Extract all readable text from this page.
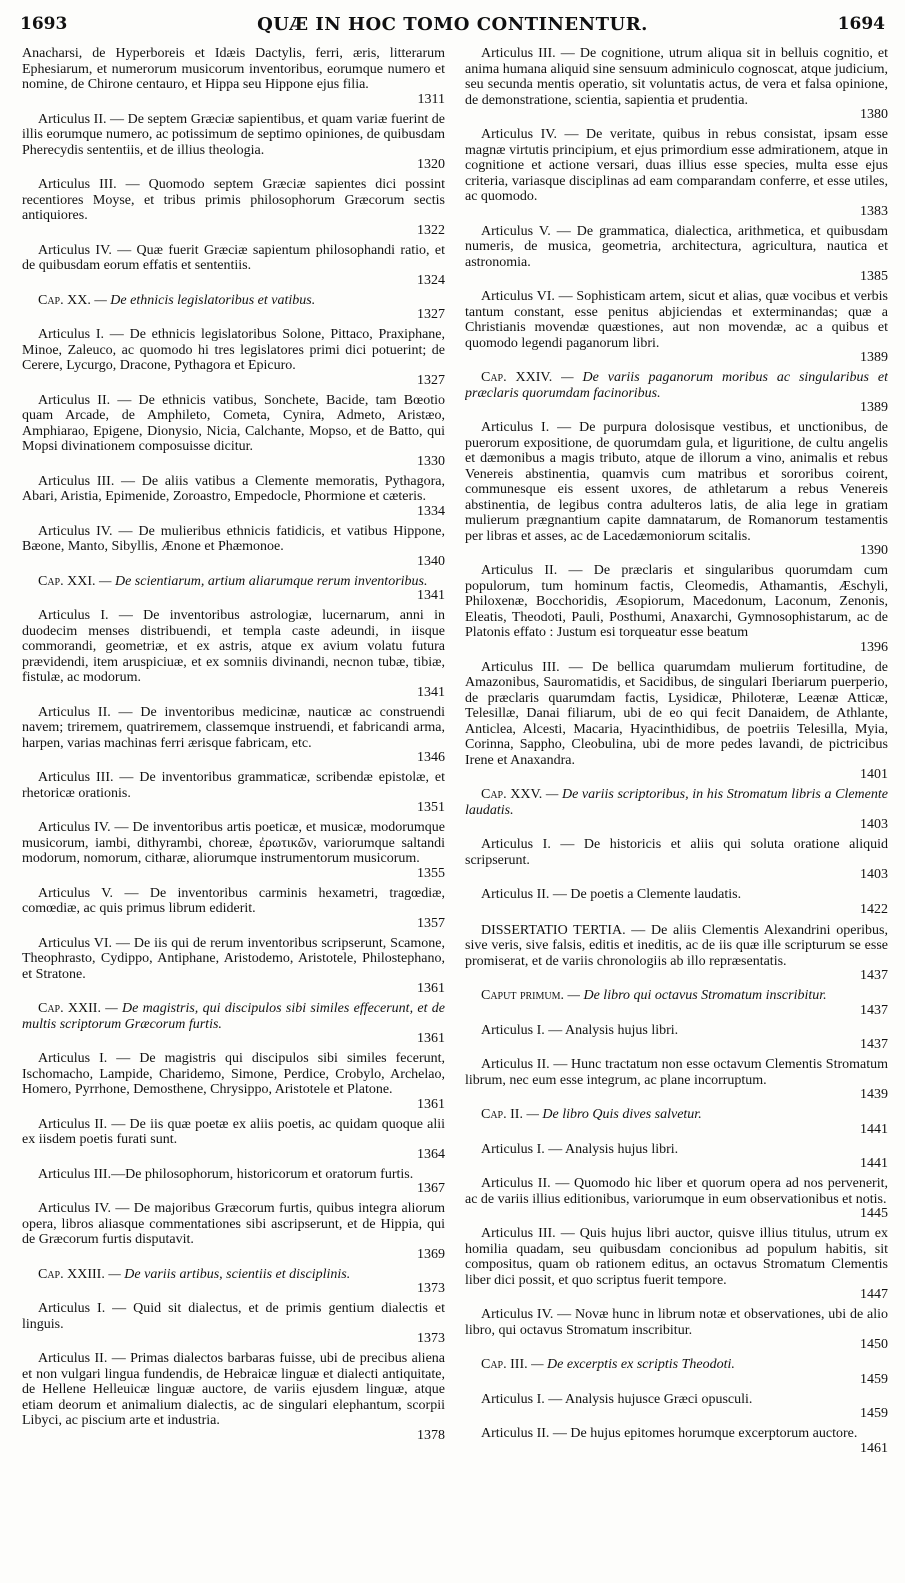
1693	QUÆ IN HOC TOMO CONTINENTUR.	1694
Anacharsi, de Hyperboreis et Idæis Dactylis, ferri, æris, litterarum Ephesiarum, et numerorum musicorum inventoribus, eorumque numero et nomine, de Chirone centauro, et Hippa seu Hippone ejus filia.
1311
Articulus II. — De septem Græciæ sapientibus, et quam variæ fuerint de illis eorumque numero, ac potissimum de septimo opiniones, de quibusdam Pherecydis sententiis, et de illius theologia.
1320
Articulus III. — Quomodo septem Græciæ sapientes dici possint recentiores Moyse, et tribus primis philosophorum Græcorum sectis antiquiores.
1322
Articulus IV. — Quæ fuerit Græciæ sapientum philosophandi ratio, et de quibusdam eorum effatis et sententiis.
1324
Cap. XX. — De ethnicis legislatoribus et vatibus.
1327
Articulus I. — De ethnicis legislatoribus Solone, Pittaco, Praxiphane, Minoe, Zaleuco, ac quomodo hi tres legislatores primi dici potuerint; de Cerere, Lycurgo, Dracone, Pythagora et Epicuro.
1327
Articulus II. — De ethnicis vatibus, Sonchete, Bacide, tam Bœotio quam Arcade, de Amphileto, Cometa, Cynira, Admeto, Aristæo, Amphiarao, Epigene, Dionysio, Nicia, Calchante, Mopso, et de Batto, qui Mopsi divinationem composuisse dicitur.
1330
Articulus III. — De aliis vatibus a Clemente memoratis, Pythagora, Abari, Aristia, Epimenide, Zoroastro, Empedocle, Phormione et cæteris.
1334
Articulus IV. — De mulieribus ethnicis fatidicis, et vatibus Hippone, Bæone, Manto, Sibyllis, Ænone et Phæmonoe.
1340
Cap. XXI. — De scientiarum, artium aliarumque rerum inventoribus.
1341
Articulus I. — De inventoribus astrologiæ, lucernarum, anni in duodecim menses distribuendi, et templa caste adeundi, in iisque commorandi, geometriæ, et ex astris, atque ex avium volatu futura prævidendi, item aruspiciuæ, et ex somniis divinandi, necnon tubæ, tibiæ, fistulæ, ac modorum.
1341
Articulus II. — De inventoribus medicinæ, nauticæ ac construendi navem; triremem, quatriremem, classemque instruendi, et fabricandi arma, harpen, varias machinas ferri ærisque fabricam, etc.
1346
Articulus III. — De inventoribus grammaticæ, scribendæ epistolæ, et rhetoricæ orationis.
1351
Articulus IV. — De inventoribus artis poeticæ, et musicæ, modorumque musicorum, iambi, dithyrambi, choreæ, ἐρωτικῶν, variorumque saltandi modorum, nomorum, citharæ, aliorumque instrumentorum musicorum.
1355
Articulus V. — De inventoribus carminis hexametri, tragœdiæ, comœdiæ, ac quis primus librum ediderit.
1357
Articulus VI. — De iis qui de rerum inventoribus scripserunt, Scamone, Theophrasto, Cydippo, Antiphane, Aristodemo, Aristotele, Philostephano, et Stratone.
1361
Cap. XXII. — De magistris, qui discipulos sibi similes effecerunt, et de multis scriptorum Græcorum furtis.
1361
Articulus I. — De magistris qui discipulos sibi similes fecerunt, Ischomacho, Lampide, Charidemo, Simone, Perdice, Crobylo, Archelao, Homero, Pyrrhone, Demosthene, Chrysippo, Aristotele et Platone.
1361
Articulus II. — De iis quæ poetæ ex aliis poetis, ac quidam quoque alii ex iisdem poetis furati sunt.
1364
Articulus III.—De philosophorum, historicorum et oratorum furtis.
1367
Articulus IV. — De majoribus Græcorum furtis, quibus integra aliorum opera, libros aliasque commentationes sibi ascripserunt, et de Hippia, qui de Græcorum furtis disputavit.
1369
Cap. XXIII. — De variis artibus, scientiis et disciplinis.
1373
Articulus I. — Quid sit dialectus, et de primis gentium dialectis et linguis.
1373
Articulus II. — Primas dialectos barbaras fuisse, ubi de precibus aliena et non vulgari lingua fundendis, de Hebraicæ linguæ et dialecti antiquitate, de Hellene Helleuicæ linguæ auctore, de variis ejusdem linguæ, atque etiam deorum et animalium dialectis, ac de singulari elephantum, scorpii Libyci, ac piscium arte et industria.
1378
Articulus III. — De cognitione, utrum aliqua sit in belluis cognitio, et anima humana aliquid sine sensuum adminiculo cognoscat, atque judicium, seu secunda mentis operatio, sit voluntatis actus, de vera et falsa opinione, de demonstratione, scientia, sapientia et prudentia.
1380
Articulus IV. — De veritate, quibus in rebus consistat, ipsam esse magnæ virtutis principium, et ejus primordium esse admirationem, atque in cognitione et actione versari, duas illius esse species, multa esse ejus criteria, variasque disciplinas ad eam comparandam conferre, et esse utiles, ac quomodo.
1383
Articulus V. — De grammatica, dialectica, arithmetica, et quibusdam numeris, de musica, geometria, architectura, agricultura, nautica et astronomia.
1385
Articulus VI. — Sophisticam artem, sicut et alias, quæ vocibus et verbis tantum constant, esse penitus abjiciendas et exterminandas; quæ a Christianis movendæ quæstiones, aut non movendæ, ac a quibus et quomodo legendi paganorum libri.
1389
Cap. XXIV. — De variis paganorum moribus ac singularibus et præclaris quorumdam facinoribus.
1389
Articulus I. — De purpura dolosisque vestibus, et unctionibus, de puerorum expositione, de quorumdam gula, et liguritione, de cultu angelis et dæmonibus a magis tributo, atque de illorum a vino, animalis et rebus Venereis abstinentia, quamvis cum matribus et sororibus coirent, communesque eis essent uxores, de athletarum a rebus Venereis abstinentia, de legibus contra adulteros latis, de alia lege in gratiam mulierum prægnantium capite damnatarum, de Romanorum testamentis per libras et asses, ac de Lacedæmoniorum scitalis.
1390
Articulus II. — De præclaris et singularibus quorumdam cum populorum, tum hominum factis, Cleomedis, Athamantis, Æschyli, Philoxenæ, Bocchoridis, Æsopiorum, Macedonum, Laconum, Zenonis, Eleatis, Theodoti, Pauli, Posthumi, Anaxarchi, Gymnosophistarum, ac de Platonis effato : Justum esi torqueatur esse beatum
1396
Articulus III. — De bellica quarumdam mulierum fortitudine, de Amazonibus, Sauromatidis, et Sacidibus, de singulari Iberiarum puerperio, de præclaris quarumdam factis, Lysidicæ, Philoteræ, Leænæ Atticæ, Telesillæ, Danai filiarum, ubi de eo qui fecit Danaidem, de Athlante, Anticlea, Alcesti, Macaria, Hyacinthidibus, de poetriis Telesilla, Myia, Corinna, Sappho, Cleobulina, ubi de more pedes lavandi, de pictricibus Irene et Anaxandra.
1401
Cap. XXV. — De variis scriptoribus, in his Stromatum libris a Clemente laudatis.
1403
Articulus I. — De historicis et aliis qui soluta oratione aliquid scripserunt.
1403
Articulus II. — De poetis a Clemente laudatis.
1422
DISSERTATIO TERTIA. — De aliis Clementis Alexandrini operibus, sive veris, sive falsis, editis et ineditis, ac de iis quæ ille scripturum se esse promiserat, et de variis chronologiis ab illo repræsentatis.
1437
Caput primum. — De libro qui octavus Stromatum inscribitur.
1437
Articulus I. — Analysis hujus libri.
1437
Articulus II. — Hunc tractatum non esse octavum Clementis Stromatum librum, nec eum esse integrum, ac plane incorruptum.
1439
Cap. II. — De libro Quis dives salvetur.
1441
Articulus I. — Analysis hujus libri.
1441
Articulus II. — Quomodo hic liber et quorum opera ad nos pervenerit, ac de variis illius editionibus, variorumque in eum observationibus et notis.
1445
Articulus III. — Quis hujus libri auctor, quisve illius titulus, utrum ex homilia quadam, seu quibusdam concionibus ad populum habitis, sit compositus, quam ob rationem editus, an octavus Stromatum Clementis liber dici possit, et quo scriptus fuerit tempore.
1447
Articulus IV. — Novæ hunc in librum notæ et observationes, ubi de alio libro, qui octavus Stromatum inscribitur.
1450
Cap. III. — De excerptis ex scriptis Theodoti.
1459
Articulus I. — Analysis hujusce Græci opusculi.
1459
Articulus II. — De hujus epitomes horumque excerptorum auctore.
1461
